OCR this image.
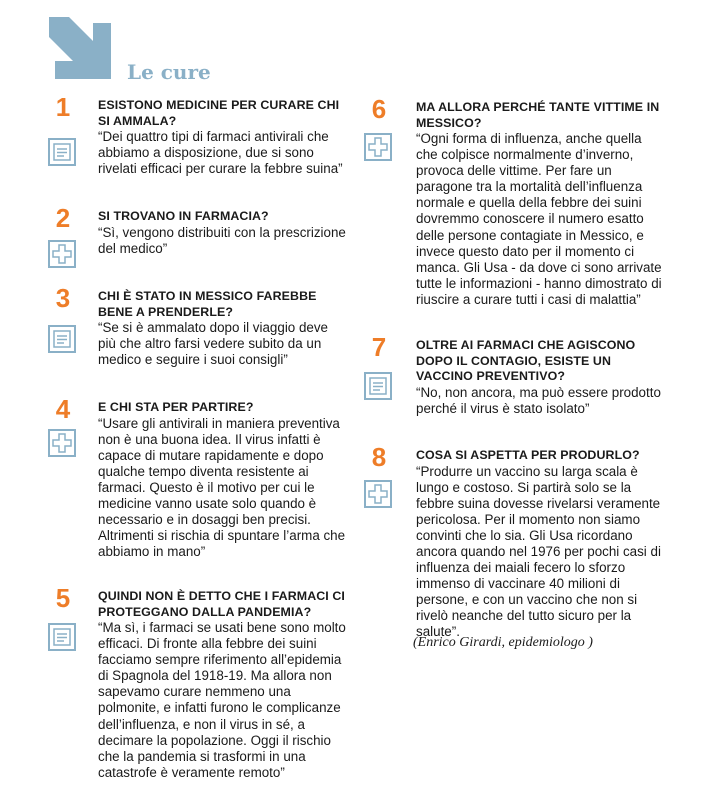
Le cure
1	ESISTONO MEDICINE PER CURARE CHI SI AMMALA?

“Dei quattro tipi di farmaci antivirali che abbiamo a disposizione, due si sono rivelati efficaci per curare la febbre suina”

2	SI TROVANO IN FARMACIA?

“Sì, vengono distribuiti con la prescrizione del medico”

3	CHI È STATO IN MESSICO FAREBBE BENE A PRENDERLE?

“Se si è ammalato dopo il viaggio deve più che altro farsi vedere subito da un medico e seguire i suoi consigli”

4	E CHI STA PER PARTIRE?

“Usare gli antivirali in maniera preventiva non è una buona idea. Il virus infatti è capace di mutare rapidamente e dopo qualche tempo diventa resistente ai farmaci. Questo è il motivo per cui le medicine vanno usate solo quando è necessario e in dosaggi ben precisi. Altrimenti si rischia di spuntare l’arma che abbiamo in mano”

5	QUINDI NON È DETTO CHE I FARMACI CI PROTEGGANO DALLA PANDEMIA?

“Ma sì, i farmaci se usati bene sono molto efficaci. Di fronte alla febbre dei suini facciamo sempre riferimento all’epidemia di Spagnola del 1918-19. Ma allora non sapevamo curare nemmeno una polmonite, e infatti furono le complicanze dell’influenza, e non il virus in sé, a decimare la popolazione. Oggi il rischio che la pandemia si trasformi in una catastrofe è veramente remoto”

6	MA ALLORA PERCHÉ TANTE VITTIME IN MESSICO?

“Ogni forma di influenza, anche quella che colpisce normalmente d’inverno, provoca delle vittime. Per fare un paragone tra la mortalità dell’influenza normale e quella della febbre dei suini dovremmo conoscere il numero esatto delle persone contagiate in Messico, e invece questo dato per il momento ci manca. Gli Usa - da dove ci sono arrivate tutte le informazioni - hanno dimostrato di riuscire a curare tutti i casi di malattia”

7	OLTRE AI FARMACI CHE AGISCONO DOPO IL CONTAGIO, ESISTE UN VACCINO PREVENTIVO?

“No, non ancora, ma può essere prodotto perché il virus è stato isolato”

8	COSA SI ASPETTA PER PRODURLO?

“Produrre un vaccino su larga scala è lungo e costoso. Si partirà solo se la febbre suina dovesse rivelarsi veramente pericolosa. Per il momento non siamo convinti che lo sia. Gli Usa ricordano ancora quando nel 1976 per pochi casi di influenza dei maiali fecero lo sforzo immenso di vaccinare 40 milioni di persone, e con un vaccino che non si rivelò neanche del tutto sicuro per la salute”.

(Enrico Girardi, epidemiologo )
